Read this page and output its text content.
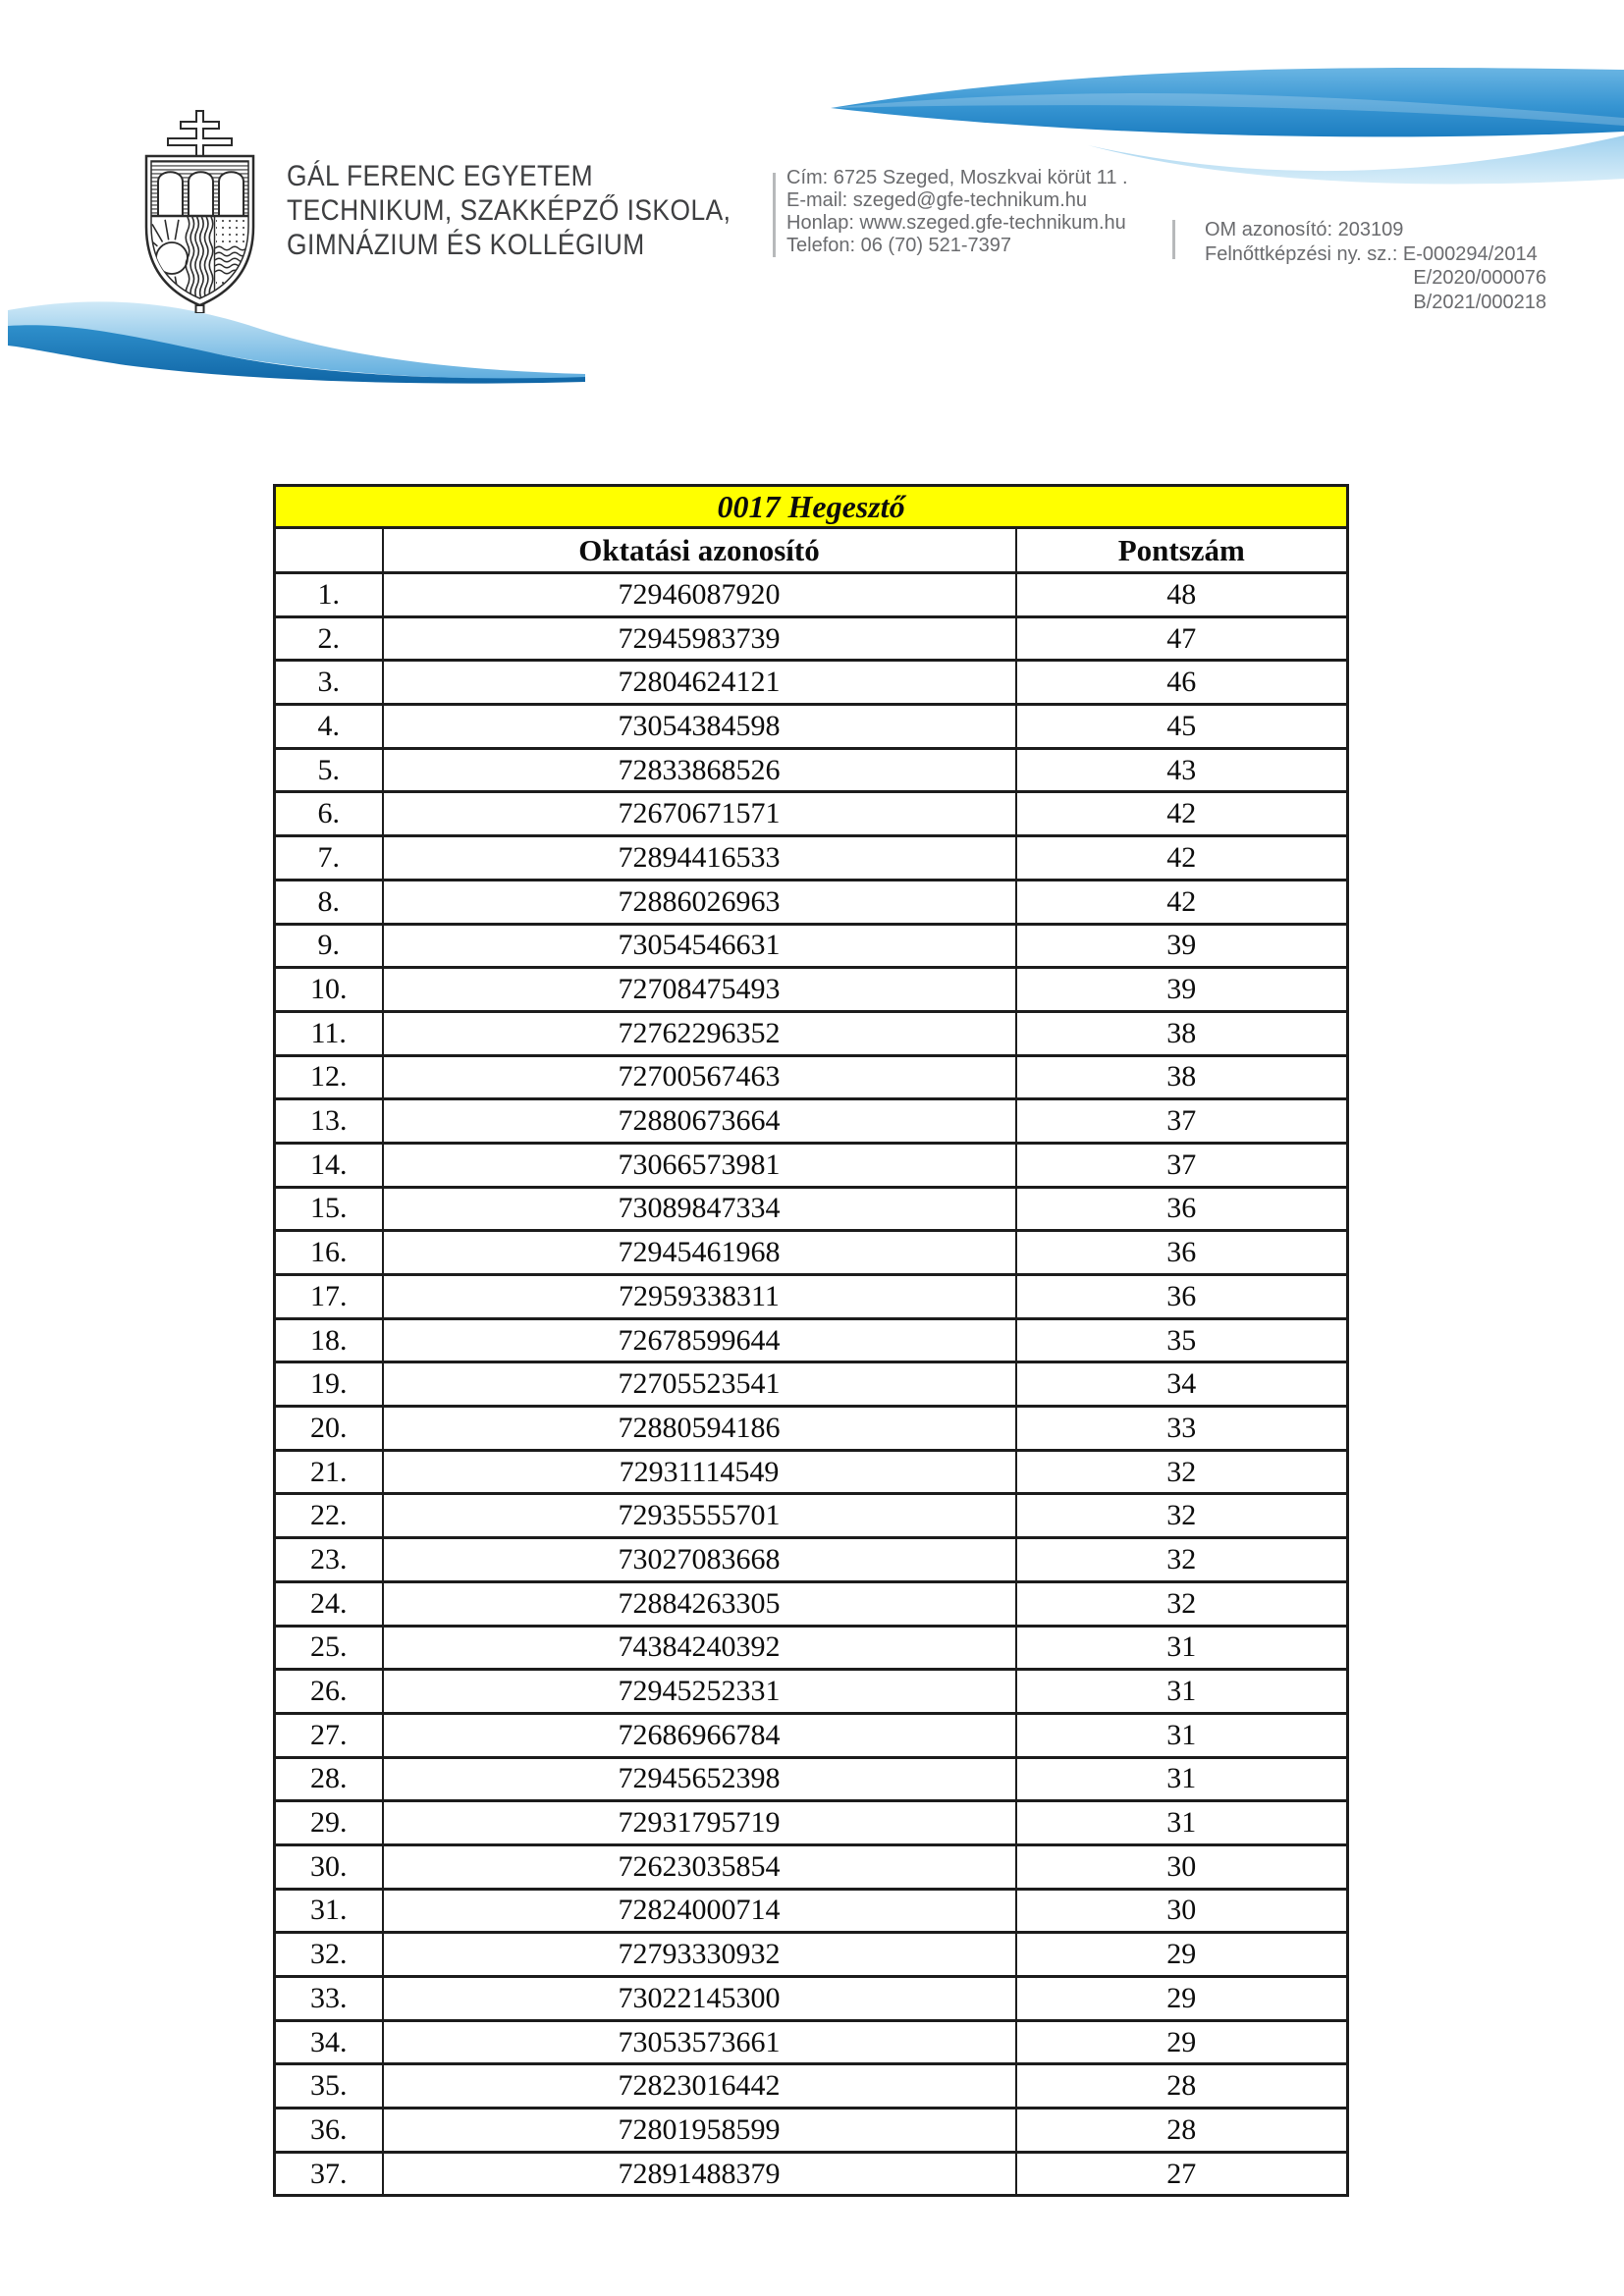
GÁL FERENC EGYETEM
TECHNIKUM, SZAKKÉPZŐ ISKOLA,
GIMNÁZIUM ÉS KOLLÉGIUM
Cím: 6725 Szeged, Moszkvai körüt 11 .
E-mail: szeged@gfe-technikum.hu
Honlap: www.szeged.gfe-technikum.hu
Telefon: 06 (70) 521-7397
OM azonosító: 203109
Felnőttképzési ny. sz.: E-000294/2014
E/2020/000076
B/2021/000218
0017 Hegesztő		
	Oktatási azonosító	Pontszám
1.	72946087920	48
2.	72945983739	47
3.	72804624121	46
4.	73054384598	45
5.	72833868526	43
6.	72670671571	42
7.	72894416533	42
8.	72886026963	42
9.	73054546631	39
10.	72708475493	39
11.	72762296352	38
12.	72700567463	38
13.	72880673664	37
14.	73066573981	37
15.	73089847334	36
16.	72945461968	36
17.	72959338311	36
18.	72678599644	35
19.	72705523541	34
20.	72880594186	33
21.	72931114549	32
22.	72935555701	32
23.	73027083668	32
24.	72884263305	32
25.	74384240392	31
26.	72945252331	31
27.	72686966784	31
28.	72945652398	31
29.	72931795719	31
30.	72623035854	30
31.	72824000714	30
32.	72793330932	29
33.	73022145300	29
34.	73053573661	29
35.	72823016442	28
36.	72801958599	28
37.	72891488379	27
